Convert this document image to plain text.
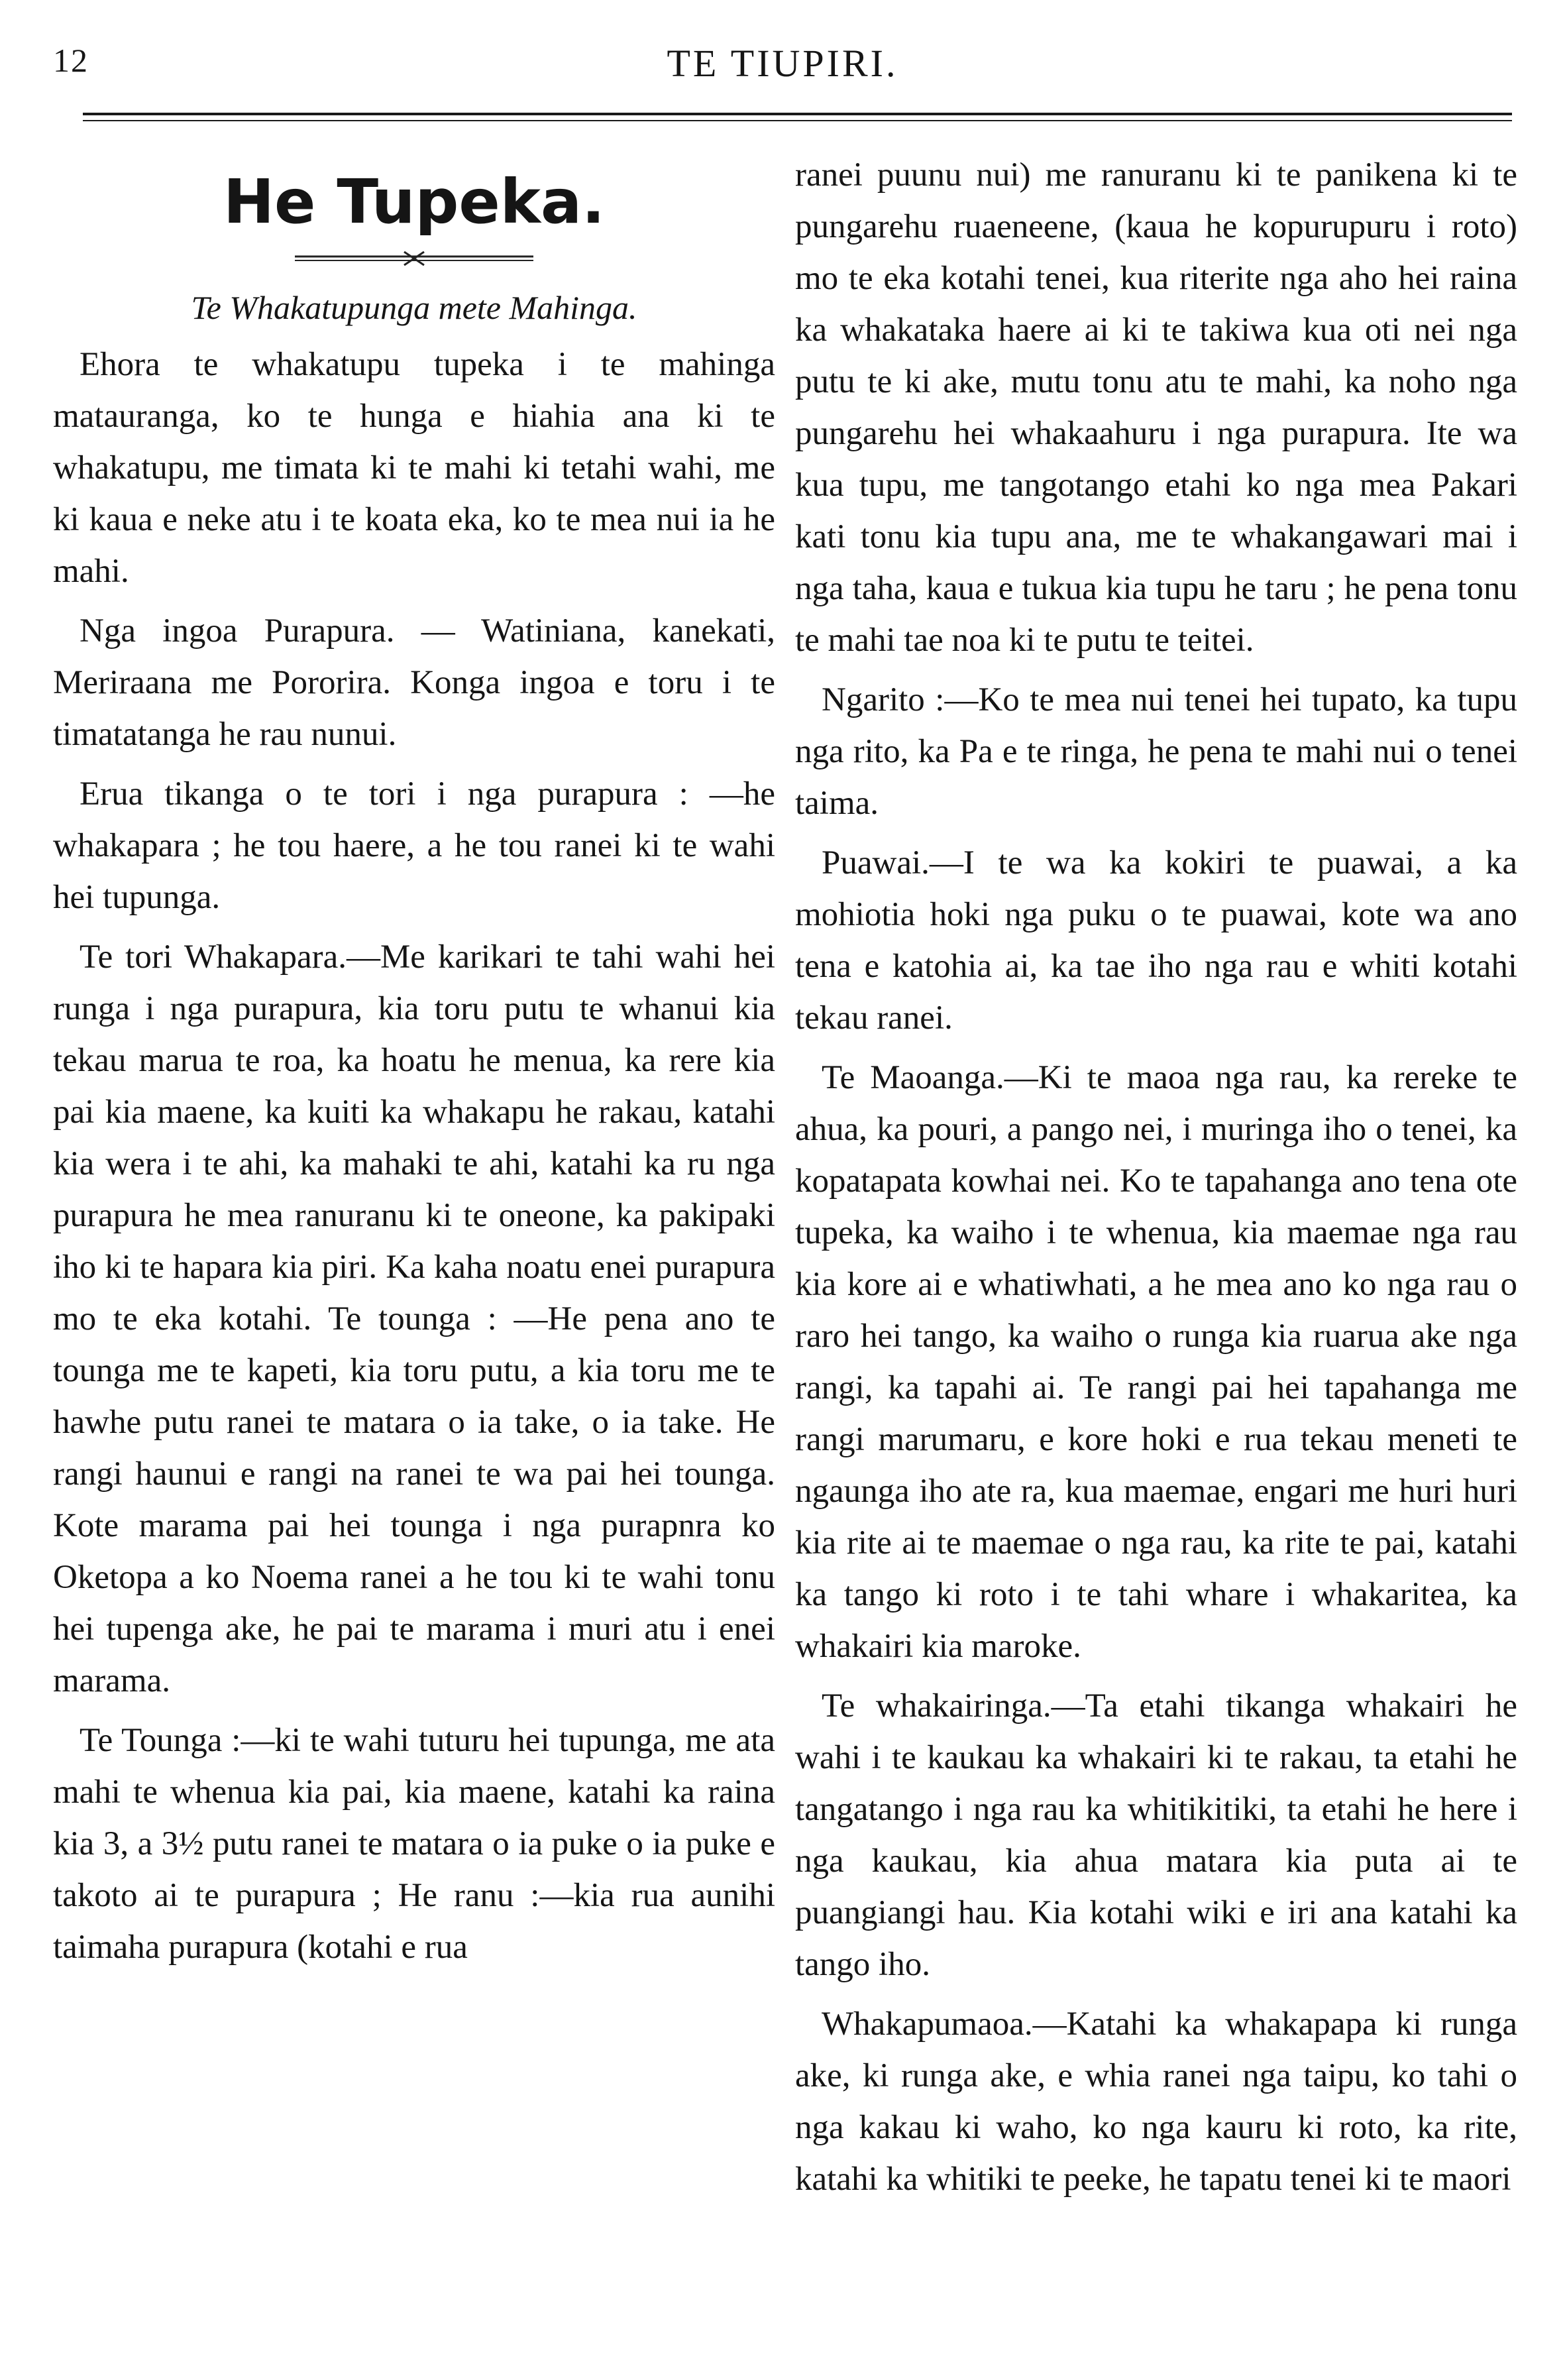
12	TE TIUPIRI.
He Tupeka.
Te Whakatupunga mete Mahinga.

Ehora te whakatupu tupeka i te mahinga matauranga, ko te hunga e hiahia ana ki te whakatupu, me timata ki te mahi ki tetahi wahi, me ki kaua e neke atu i te koata eka, ko te mea nui ia he mahi.

Nga ingoa Purapura. — Watiniana, kanekati, Meriraana me Pororira. Konga ingoa e toru i te timatatanga he rau nunui.

Erua tikanga o te tori i nga purapura : —he whakapara ; he tou haere, a he tou ranei ki te wahi hei tupunga.

Te tori Whakapara.—Me karikari te tahi wahi hei runga i nga purapura, kia toru putu te whanui kia tekau marua te roa, ka hoatu he menua, ka rere kia pai kia maene, ka kuiti ka whakapu he rakau, katahi kia wera i te ahi, ka mahaki te ahi, katahi ka ru nga purapura he mea ranuranu ki te oneone, ka pakipaki iho ki te hapara kia piri. Ka kaha noatu enei purapura mo te eka kotahi. Te tounga : —He pena ano te tounga me te kapeti, kia toru putu, a kia toru me te hawhe putu ranei te matara o ia take, o ia take. He rangi haunui e rangi na ranei te wa pai hei tounga. Kote marama pai hei tounga i nga purapnra ko Oketopa a ko Noema ranei a he tou ki te wahi tonu hei tupenga ake, he pai te marama i muri atu i enei marama.

Te Tounga :—ki te wahi tuturu hei tupunga, me ata mahi te whenua kia pai, kia maene, katahi ka raina kia 3, a 3½ putu ranei te matara o ia puke o ia puke e takoto ai te purapura ; He ranu :—kia rua aunihi taimaha purapura (kotahi e rua

ranei puunu nui) me ranuranu ki te panikena ki te pungarehu ruaeneene, (kaua he kopurupuru i roto) mo te eka kotahi tenei, kua riterite nga aho hei raina ka whakataka haere ai ki te takiwa kua oti nei nga putu te ki ake, mutu tonu atu te mahi, ka noho nga pungarehu hei whakaahuru i nga purapura. Ite wa kua tupu, me tangotango etahi ko nga mea Pakari kati tonu kia tupu ana, me te whakangawari mai i nga taha, kaua e tukua kia tupu he taru ; he pena tonu te mahi tae noa ki te putu te teitei.

Ngarito :—Ko te mea nui tenei hei tupato, ka tupu nga rito, ka Pa e te ringa, he pena te mahi nui o tenei taima.

Puawai.—I te wa ka kokiri te puawai, a ka mohiotia hoki nga puku o te puawai, kote wa ano tena e katohia ai, ka tae iho nga rau e whiti kotahi tekau ranei.

Te Maoanga.—Ki te maoa nga rau, ka rereke te ahua, ka pouri, a pango nei, i muringa iho o tenei, ka kopatapata kowhai nei. Ko te tapahanga ano tena ote tupeka, ka waiho i te whenua, kia maemae nga rau kia kore ai e whatiwhati, a he mea ano ko nga rau o raro hei tango, ka waiho o runga kia ruarua ake nga rangi, ka tapahi ai. Te rangi pai hei tapahanga me rangi marumaru, e kore hoki e rua tekau meneti te ngaunga iho ate ra, kua maemae, engari me huri huri kia rite ai te maemae o nga rau, ka rite te pai, katahi ka tango ki roto i te tahi whare i whakaritea, ka whakairi kia maroke.

Te whakairinga.—Ta etahi tikanga whakairi he wahi i te kaukau ka whakairi ki te rakau, ta etahi he tangatango i nga rau ka whitikitiki, ta etahi he here i nga kaukau, kia ahua matara kia puta ai te puangiangi hau. Kia kotahi wiki e iri ana katahi ka tango iho.

Whakapumaoa.—Katahi ka whakapapa ki runga ake, ki runga ake, e whia ranei nga taipu, ko tahi o nga kakau ki waho, ko nga kauru ki roto, ka rite, katahi ka whitiki te peeke, he tapatu tenei ki te maori
